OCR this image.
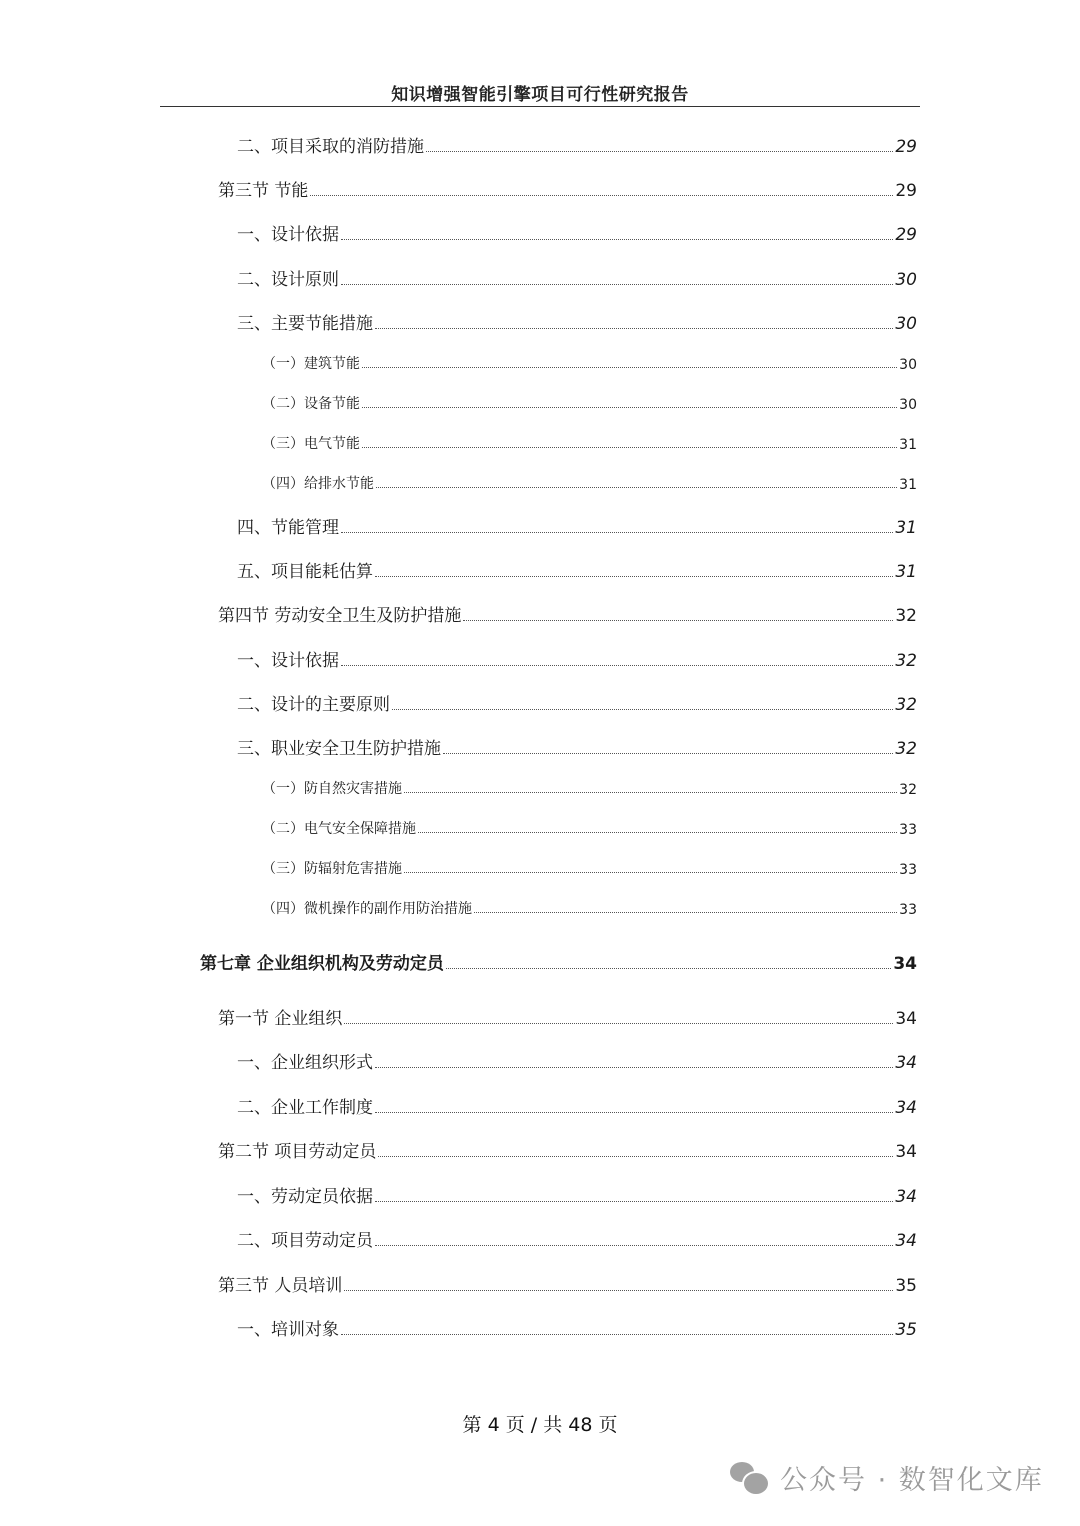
知识增强智能引擎项目可行性研究报告
二、项目采取的消防措施	29
第三节 节能	29
一、设计依据	29
二、设计原则	30
三、主要节能措施	30
（一）建筑节能	30
（二）设备节能	30
（三）电气节能	31
（四）给排水节能	31
四、节能管理	31
五、项目能耗估算	31
第四节 劳动安全卫生及防护措施	32
一、设计依据	32
二、设计的主要原则	32
三、职业安全卫生防护措施	32
（一）防自然灾害措施	32
（二）电气安全保障措施	33
（三）防辐射危害措施	33
（四）微机操作的副作用防治措施	33
第七章 企业组织机构及劳动定员	34
第一节 企业组织	34
一、企业组织形式	34
二、企业工作制度	34
第二节 项目劳动定员	34
一、劳动定员依据	34
二、项目劳动定员	34
第三节 人员培训	35
一、培训对象	35
第 4 页 / 共 48 页
公众号 · 数智化文库
